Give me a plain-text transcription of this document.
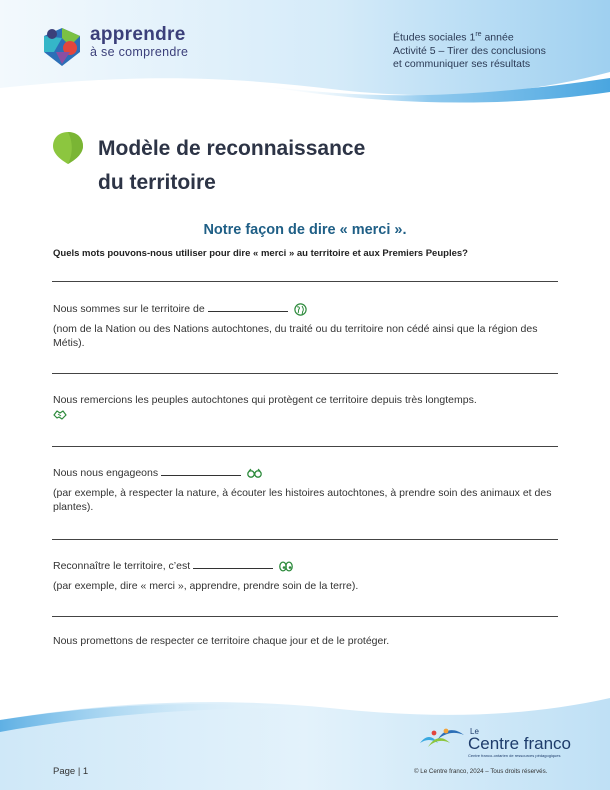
apprendre
à se comprendre
Études sociales 1re année
Activité 5 – Tirer des conclusions
et communiquer ses résultats
Modèle de reconnaissance
du territoire
Notre façon de dire « merci ».
Quels mots pouvons-nous utiliser pour dire « merci » au territoire et aux Premiers Peuples?
Nous sommes sur le territoire de
(nom de la Nation ou des Nations autochtones, du traité ou du territoire non cédé ainsi que la région des Métis).
Nous remercions les peuples autochtones qui protègent ce territoire depuis très longtemps.
Nous nous engageons
(par exemple, à respecter la nature, à écouter les histoires autochtones, à prendre soin des animaux et des plantes).
Reconnaître le territoire, c’est
(par exemple, dire « merci », apprendre, prendre soin de la terre).
Nous promettons de respecter ce territoire chaque jour et de le protéger.
Le
Centre franco
Centre franco-ontarien de ressources pédagogiques
Page | 1	© Le Centre franco, 2024 – Tous droits réservés.
